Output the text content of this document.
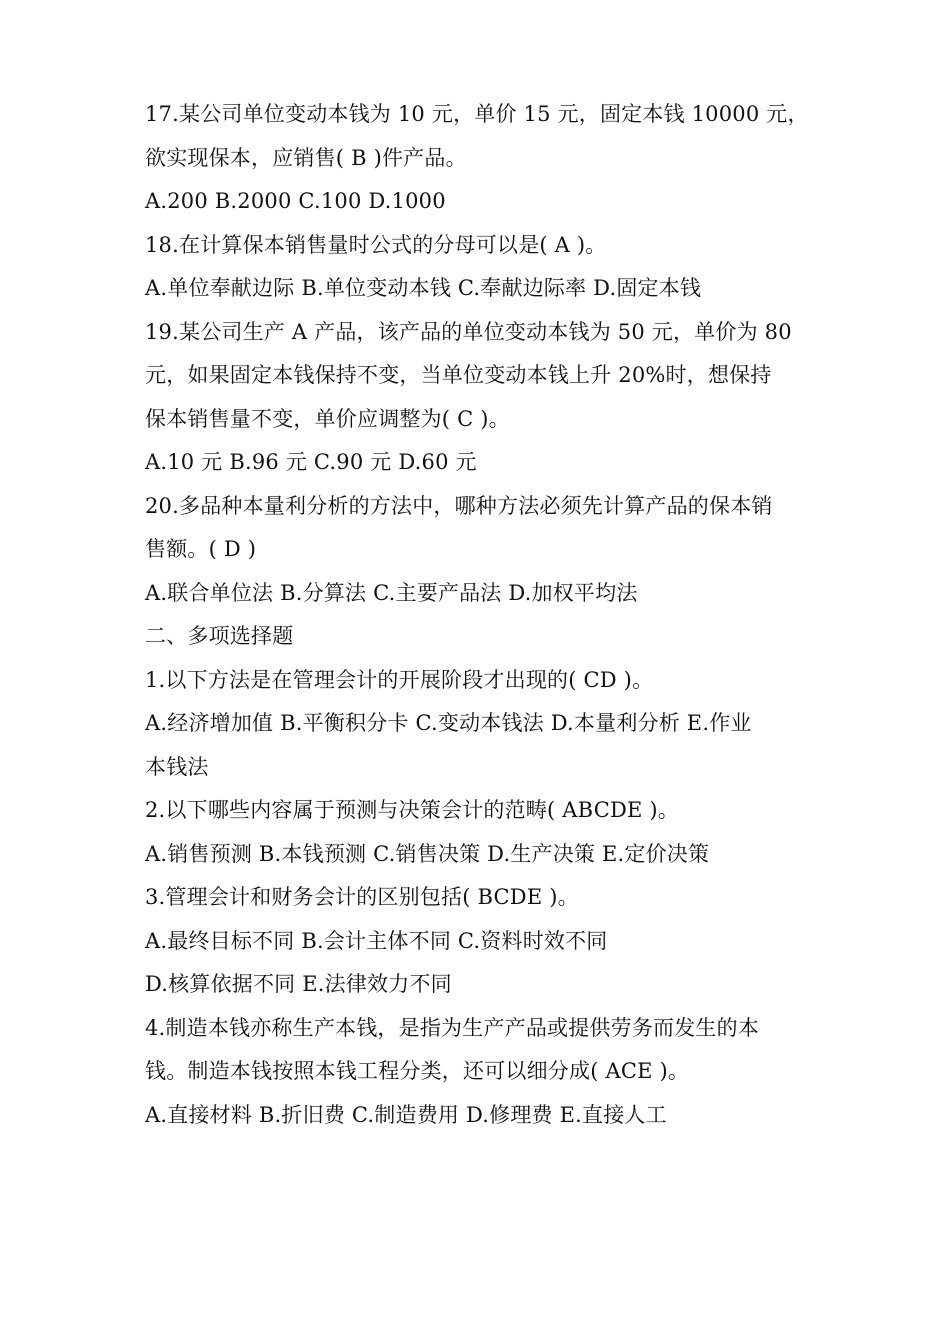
17.某公司单位变动本钱为 10 元，单价 15 元，固定本钱 10000 元，
欲实现保本，应销售( B )件产品。
A.200 B.2000 C.100 D.1000
18.在计算保本销售量时公式的分母可以是( A )。
A.单位奉献边际 B.单位变动本钱 C.奉献边际率 D.固定本钱
19.某公司生产 A 产品，该产品的单位变动本钱为 50 元，单价为 80
元，如果固定本钱保持不变，当单位变动本钱上升 20%时，想保持
保本销售量不变，单价应调整为( C )。
A.10 元 B.96 元 C.90 元 D.60 元
20.多品种本量利分析的方法中，哪种方法必须先计算产品的保本销
售额。( D )
A.联合单位法 B.分算法 C.主要产品法 D.加权平均法
二、多项选择题
1.以下方法是在管理会计的开展阶段才出现的( CD )。
A.经济增加值 B.平衡积分卡 C.变动本钱法 D.本量利分析 E.作业
本钱法
2.以下哪些内容属于预测与决策会计的范畴( ABCDE )。
A.销售预测 B.本钱预测 C.销售决策 D.生产决策 E.定价决策
3.管理会计和财务会计的区别包括( BCDE )。
A.最终目标不同 B.会计主体不同 C.资料时效不同
D.核算依据不同 E.法律效力不同
4.制造本钱亦称生产本钱，是指为生产产品或提供劳务而发生的本
钱。制造本钱按照本钱工程分类，还可以细分成( ACE )。
A.直接材料 B.折旧费 C.制造费用 D.修理费 E.直接人工
